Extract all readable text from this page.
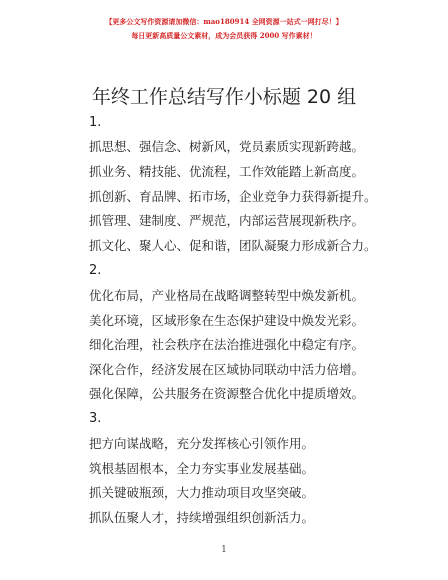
【更多公文写作资源请加微信：mao180914 全网资源一站式一网打尽！】
每日更新高质量公文素材，成为会员获得 2000 写作素材！
年终工作总结写作小标题 20 组
1.
抓思想、强信念、树新风，党员素质实现新跨越。
抓业务、精技能、优流程，工作效能踏上新高度。
抓创新、育品牌、拓市场，企业竞争力获得新提升。
抓管理、建制度、严规范，内部运营展现新秩序。
抓文化、聚人心、促和谐，团队凝聚力形成新合力。
2.
优化布局，产业格局在战略调整转型中焕发新机。
美化环境，区域形象在生态保护建设中焕发光彩。
细化治理，社会秩序在法治推进强化中稳定有序。
深化合作，经济发展在区域协同联动中活力倍增。
强化保障，公共服务在资源整合优化中提质增效。
3.
把方向谋战略，充分发挥核心引领作用。
筑根基固根本，全力夯实事业发展基础。
抓关键破瓶颈，大力推动项目攻坚突破。
抓队伍聚人才，持续增强组织创新活力。
1
